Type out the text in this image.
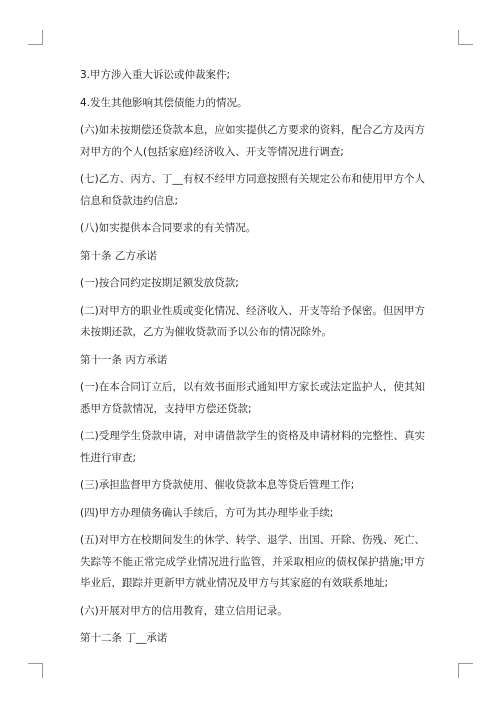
3.甲方涉入重大诉讼或仲裁案件;

4.发生其他影响其偿债能力的情况。

(六)如未按期偿还贷款本息，应如实提供乙方要求的资料，配合乙方及丙方对甲方的个人(包括家庭)经济收入、开支等情况进行调查;

(七)乙方、丙方、丁__有权不经甲方同意按照有关规定公布和使用甲方个人信息和贷款违约信息;

(八)如实提供本合同要求的有关情况。

第十条 乙方承诺

(一)按合同约定按期足额发放贷款;

(二)对甲方的职业性质或变化情况、经济收入、开支等给予保密。但因甲方未按期还款，乙方为催收贷款而予以公布的情况除外。

第十一条 丙方承诺

(一)在本合同订立后，以有效书面形式通知甲方家长或法定监护人，使其知悉甲方贷款情况，支持甲方偿还贷款;

(二)受理学生贷款申请，对申请借款学生的资格及申请材料的完整性、真实性进行审查;

(三)承担监督甲方贷款使用、催收贷款本息等贷后管理工作;

(四)甲方办理债务确认手续后，方可为其办理毕业手续;

(五)对甲方在校期间发生的休学、转学、退学、出国、开除、伤残、死亡、失踪等不能正常完成学业情况进行监管，并采取相应的债权保护措施;甲方毕业后，跟踪并更新甲方就业情况及甲方与其家庭的有效联系地址;

(六)开展对甲方的信用教育，建立信用记录。

第十二条 丁__承诺
